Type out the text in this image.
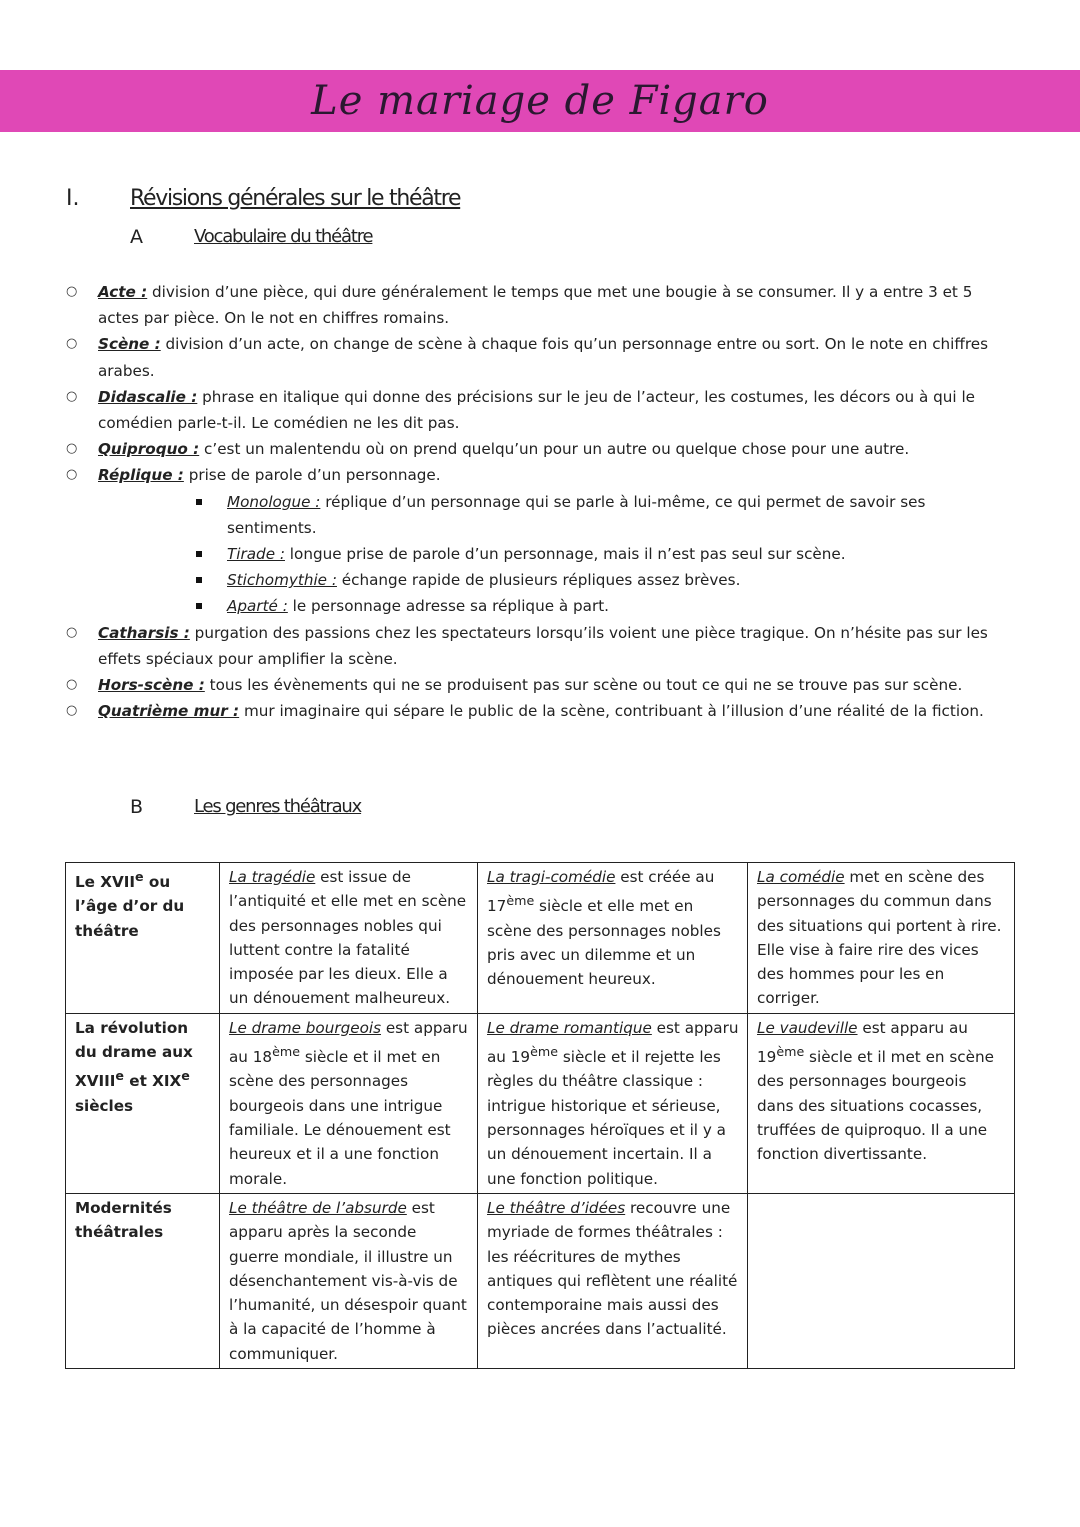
Le mariage de Figaro
I. Révisions générales sur le théâtre
A	Vocabulaire du théâtre
○ Acte : division d’une pièce, qui dure généralement le temps que met une bougie à se consumer. Il y a entre 3 et 5 actes par pièce. On le not en chiffres romains.
○ Scène : division d’un acte, on change de scène à chaque fois qu’un personnage entre ou sort. On le note en chiffres arabes.
○ Didascalie : phrase en italique qui donne des précisions sur le jeu de l’acteur, les costumes, les décors ou à qui le comédien parle-t-il. Le comédien ne les dit pas.
○ Quiproquo : c’est un malentendu où on prend quelqu’un pour un autre ou quelque chose pour une autre.
○ Réplique : prise de parole d’un personnage.
Monologue : réplique d’un personnage qui se parle à lui-même, ce qui permet de savoir ses sentiments.
Tirade : longue prise de parole d’un personnage, mais il n’est pas seul sur scène.
Stichomythie : échange rapide de plusieurs répliques assez brèves.
Aparté : le personnage adresse sa réplique à part.
○ Catharsis : purgation des passions chez les spectateurs lorsqu’ils voient une pièce tragique. On n’hésite pas sur les effets spéciaux pour amplifier la scène.
○ Hors-scène : tous les évènements qui ne se produisent pas sur scène ou tout ce qui ne se trouve pas sur scène.
○ Quatrième mur : mur imaginaire qui sépare le public de la scène, contribuant à l’illusion d’une réalité de la fiction.
B	Les genres théâtraux
Le XVIIe ou l’âge d’or du théâtre	La tragédie est issue de l’antiquité et elle met en scène des personnages nobles qui luttent contre la fatalité imposée par les dieux. Elle a un dénouement malheureux.	La tragi-comédie est créée au 17ème siècle et elle met en scène des personnages nobles pris avec un dilemme et un dénouement heureux.	La comédie met en scène des personnages du commun dans des situations qui portent à rire. Elle vise à faire rire des vices des hommes pour les en corriger.
La révolution du drame aux XVIIIe et XIXe siècles	Le drame bourgeois est apparu au 18ème siècle et il met en scène des personnages bourgeois dans une intrigue familiale. Le dénouement est heureux et il a une fonction morale.	Le drame romantique est apparu au 19ème siècle et il rejette les règles du théâtre classique : intrigue historique et sérieuse, personnages héroïques et il y a un dénouement incertain. Il a une fonction politique.	Le vaudeville est apparu au 19ème siècle et il met en scène des personnages bourgeois dans des situations cocasses, truffées de quiproquo. Il a une fonction divertissante.
Modernités théâtrales	Le théâtre de l’absurde est apparu après la seconde guerre mondiale, il illustre un désenchantement vis-à-vis de l’humanité, un désespoir quant à la capacité de l’homme à communiquer.	Le théâtre d’idées recouvre une myriade de formes théâtrales : les réécritures de mythes antiques qui reflètent une réalité contemporaine mais aussi des pièces ancrées dans l’actualité.	
